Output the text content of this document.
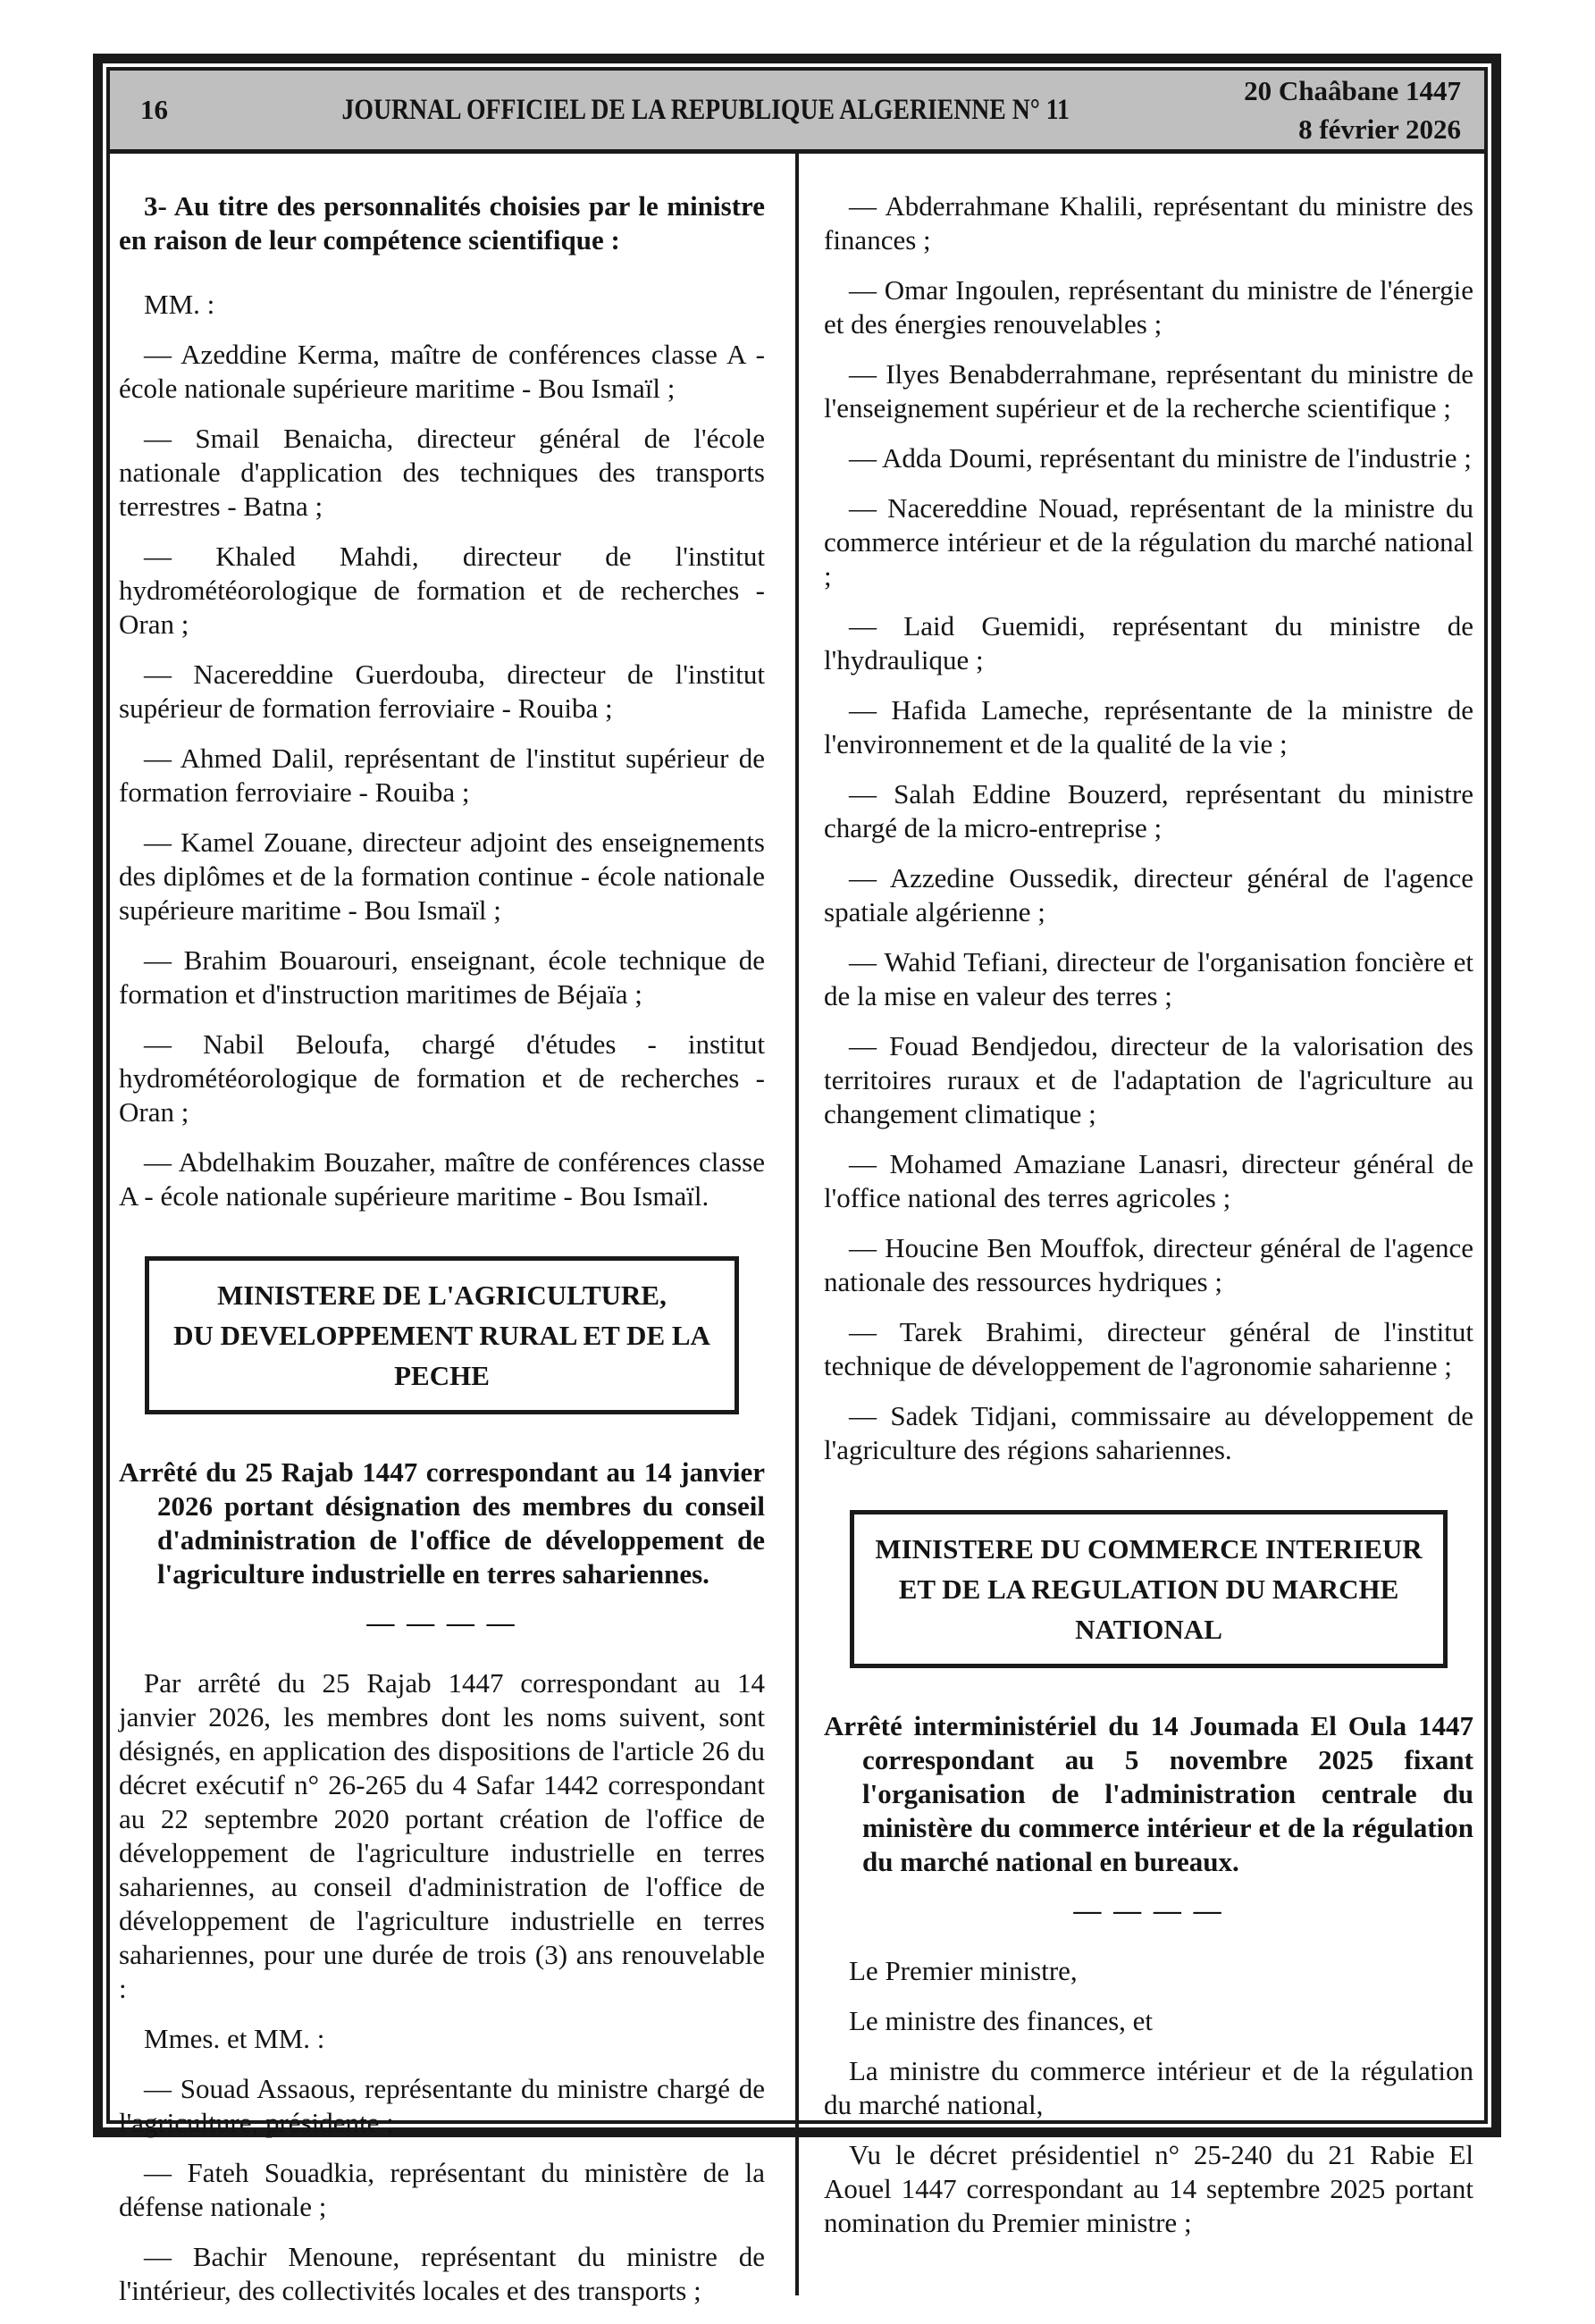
16	JOURNAL OFFICIEL DE LA REPUBLIQUE ALGERIENNE N° 11
20 Chaâbane 1447
8 février 2026

3- Au titre des personnalités choisies par le ministre en raison de leur compétence scientifique :

MM. :

— Azeddine Kerma, maître de conférences classe A - école nationale supérieure maritime - Bou Ismaïl ;

— Smail Benaicha, directeur général de l'école nationale d'application des techniques des transports terrestres - Batna ;

— Khaled Mahdi, directeur de l'institut hydrométéorologique de formation et de recherches - Oran ;

— Nacereddine Guerdouba, directeur de l'institut supérieur de formation ferroviaire - Rouiba ;

— Ahmed Dalil, représentant de l'institut supérieur de formation ferroviaire - Rouiba ;

— Kamel Zouane, directeur adjoint des enseignements des diplômes et de la formation continue - école nationale supérieure maritime - Bou Ismaïl ;

— Brahim Bouarouri, enseignant, école technique de formation et d'instruction maritimes de Béjaïa ;

— Nabil Beloufa, chargé d'études - institut hydrométéorologique de formation et de recherches - Oran ;

— Abdelhakim Bouzaher, maître de conférences classe A - école nationale supérieure maritime - Bou Ismaïl.

MINISTERE DE L'AGRICULTURE,
DU DEVELOPPEMENT RURAL ET DE LA PECHE

Arrêté du 25 Rajab 1447 correspondant au 14 janvier 2026 portant désignation des membres du conseil d'administration de l'office de développement de l'agriculture industrielle en terres sahariennes.

— — — —

Par arrêté du 25 Rajab 1447 correspondant au 14 janvier 2026, les membres dont les noms suivent, sont désignés, en application des dispositions de l'article 26 du décret exécutif n° 26-265 du 4 Safar 1442 correspondant au 22 septembre 2020 portant création de l'office de développement de l'agriculture industrielle en terres sahariennes, au conseil d'administration de l'office de développement de l'agriculture industrielle en terres sahariennes, pour une durée de trois (3) ans renouvelable :

Mmes. et MM. :

— Souad Assaous, représentante du ministre chargé de l'agriculture, présidente ;

— Fateh Souadkia, représentant du ministère de la défense nationale ;

— Bachir Menoune, représentant du ministre de l'intérieur, des collectivités locales et des transports ;

— Abderrahmane Khalili, représentant du ministre des finances ;

— Omar Ingoulen, représentant du ministre de l'énergie et des énergies renouvelables ;

— Ilyes Benabderrahmane, représentant du ministre de l'enseignement supérieur et de la recherche scientifique ;

— Adda Doumi, représentant du ministre de l'industrie ;

— Nacereddine Nouad, représentant de la ministre du commerce intérieur et de la régulation du marché national ;

— Laid Guemidi, représentant du ministre de l'hydraulique ;

— Hafida Lameche, représentante de la ministre de l'environnement et de la qualité de la vie ;

— Salah Eddine Bouzerd, représentant du ministre chargé de la micro-entreprise ;

— Azzedine Oussedik, directeur général de l'agence spatiale algérienne ;

— Wahid Tefiani, directeur de l'organisation foncière et de la mise en valeur des terres ;

— Fouad Bendjedou, directeur de la valorisation des territoires ruraux et de l'adaptation de l'agriculture au changement climatique ;

— Mohamed Amaziane Lanasri, directeur général de l'office national des terres agricoles ;

— Houcine Ben Mouffok, directeur général de l'agence nationale des ressources hydriques ;

— Tarek Brahimi, directeur général de l'institut technique de développement de l'agronomie saharienne ;

— Sadek Tidjani, commissaire au développement de l'agriculture des régions sahariennes.

MINISTERE DU COMMERCE INTERIEUR
ET DE LA REGULATION DU MARCHE NATIONAL

Arrêté interministériel du 14 Joumada El Oula 1447 correspondant au 5 novembre 2025 fixant l'organisation de l'administration centrale du ministère du commerce intérieur et de la régulation du marché national en bureaux.

— — — —

Le Premier ministre,

Le ministre des finances, et

La ministre du commerce intérieur et de la régulation du marché national,

Vu le décret présidentiel n° 25-240 du 21 Rabie El Aouel 1447 correspondant au 14 septembre 2025 portant nomination du Premier ministre ;
